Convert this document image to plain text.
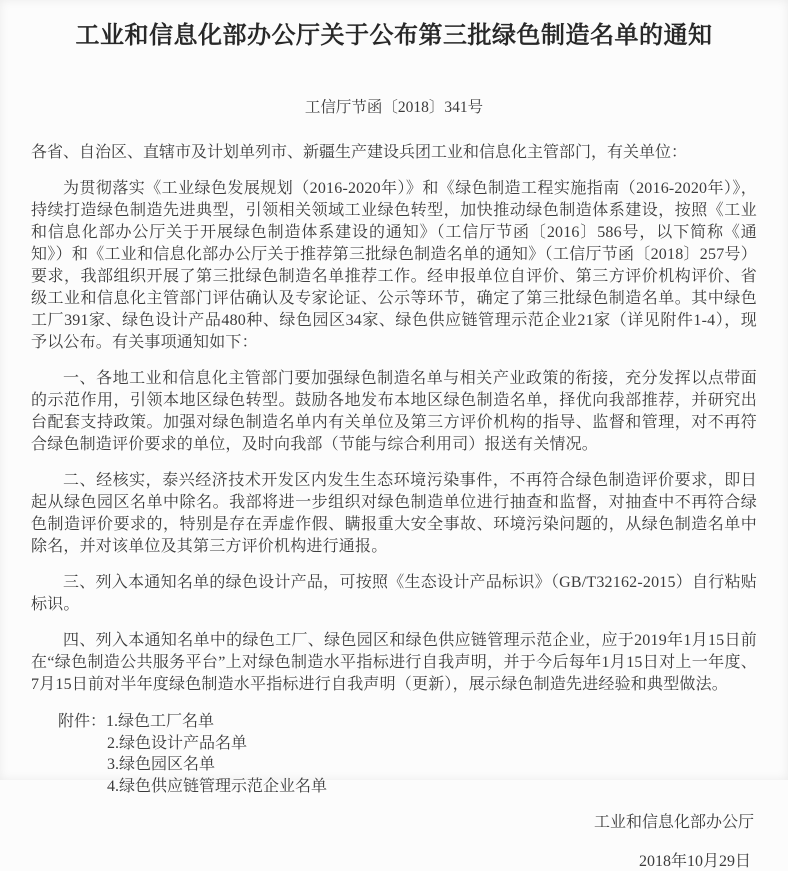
工业和信息化部办公厅关于公布第三批绿色制造名单的通知
工信厅节函〔2018〕341号
各省、自治区、直辖市及计划单列市、新疆生产建设兵团工业和信息化主管部门，有关单位：

为贯彻落实《工业绿色发展规划（2016-2020年）》和《绿色制造工程实施指南（2016-2020年）》，持续打造绿色制造先进典型，引领相关领域工业绿色转型，加快推动绿色制造体系建设，按照《工业和信息化部办公厅关于开展绿色制造体系建设的通知》（工信厅节函〔2016〕586号，以下简称《通知》）和《工业和信息化部办公厅关于推荐第三批绿色制造名单的通知》（工信厅节函〔2018〕257号）要求，我部组织开展了第三批绿色制造名单推荐工作。经申报单位自评价、第三方评价机构评价、省级工业和信息化主管部门评估确认及专家论证、公示等环节，确定了第三批绿色制造名单。其中绿色工厂391家、绿色设计产品480种、绿色园区34家、绿色供应链管理示范企业21家（详见附件1-4），现予以公布。有关事项通知如下：

一、各地工业和信息化主管部门要加强绿色制造名单与相关产业政策的衔接，充分发挥以点带面的示范作用，引领本地区绿色转型。鼓励各地发布本地区绿色制造名单，择优向我部推荐，并研究出台配套支持政策。加强对绿色制造名单内有关单位及第三方评价机构的指导、监督和管理，对不再符合绿色制造评价要求的单位，及时向我部（节能与综合利用司）报送有关情况。

二、经核实，泰兴经济技术开发区内发生生态环境污染事件，不再符合绿色制造评价要求，即日起从绿色园区名单中除名。我部将进一步组织对绿色制造单位进行抽查和监督，对抽查中不再符合绿色制造评价要求的，特别是存在弄虚作假、瞒报重大安全事故、环境污染问题的，从绿色制造名单中除名，并对该单位及其第三方评价机构进行通报。

三、列入本通知名单的绿色设计产品，可按照《生态设计产品标识》（GB/T32162-2015）自行粘贴标识。

四、列入本通知名单中的绿色工厂、绿色园区和绿色供应链管理示范企业，应于2019年1月15日前在“绿色制造公共服务平台”上对绿色制造水平指标进行自我声明，并于今后每年1月15日对上一年度、7月15日前对半年度绿色制造水平指标进行自我声明（更新），展示绿色制造先进经验和典型做法。

附件： 1.绿色工厂名单
2.绿色设计产品名单
3.绿色园区名单
4.绿色供应链管理示范企业名单
工业和信息化部办公厅
2018年10月29日
